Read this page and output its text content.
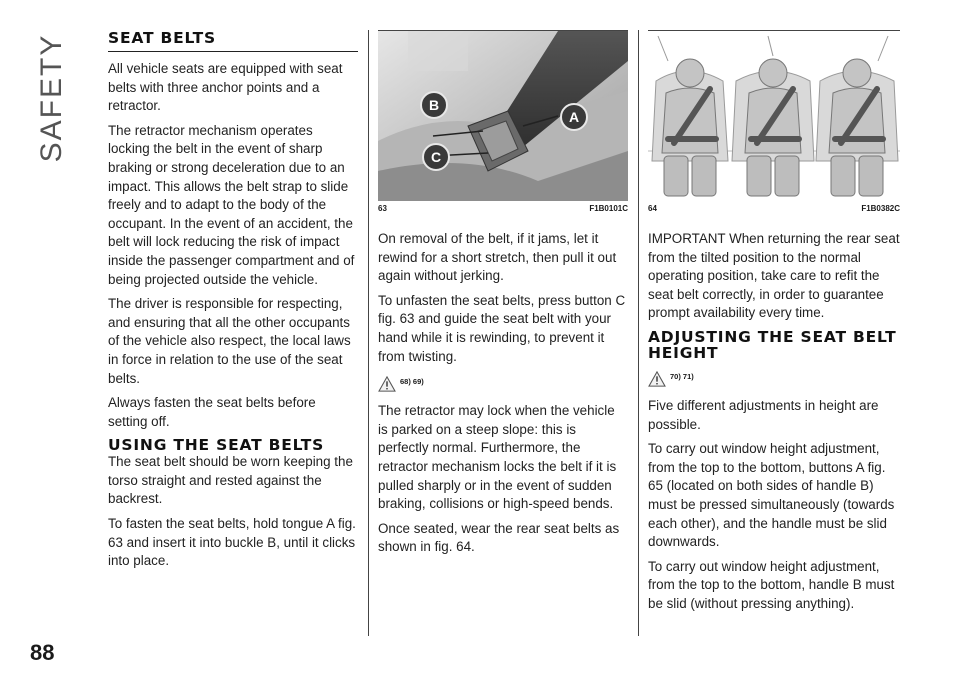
SAFETY
88
SEAT BELTS

All vehicle seats are equipped with seat belts with three anchor points and a retractor.

The retractor mechanism operates locking the belt in the event of sharp braking or strong deceleration due to an impact. This allows the belt strap to slide freely and to adapt to the body of the occupant. In the event of an accident, the belt will lock reducing the risk of impact inside the passenger compartment and of being projected outside the vehicle.

The driver is responsible for respecting, and ensuring that all the other occupants of the vehicle also respect, the local laws in force in relation to the use of the seat belts.

Always fasten the seat belts before setting off.

USING THE SEAT BELTS

The seat belt should be worn keeping the torso straight and rested against the backrest.

To fasten the seat belts, hold tongue A fig. 63 and insert it into buckle B, until it clicks into place.

B
C
A
63	F1B0101C

On removal of the belt, if it jams, let it rewind for a short stretch, then pull it out again without jerking.

To unfasten the seat belts, press button C fig. 63 and guide the seat belt with your hand while it is rewinding, to prevent it from twisting.

68) 69)

The retractor may lock when the vehicle is parked on a steep slope: this is perfectly normal. Furthermore, the retractor mechanism locks the belt if it is pulled sharply or in the event of sudden braking, collisions or high-speed bends.

Once seated, wear the rear seat belts as shown in fig. 64.

64	F1B0382C

IMPORTANT When returning the rear seat from the tilted position to the normal operating position, take care to refit the seat belt correctly, in order to guarantee prompt availability every time.

ADJUSTING THE SEAT BELT HEIGHT
70) 71)

Five different adjustments in height are possible.

To carry out window height adjustment, from the top to the bottom, buttons A fig. 65 (located on both sides of handle B) must be pressed simultaneously (towards each other), and the handle must be slid downwards.

To carry out window height adjustment, from the top to the bottom, handle B must be slid (without pressing anything).
